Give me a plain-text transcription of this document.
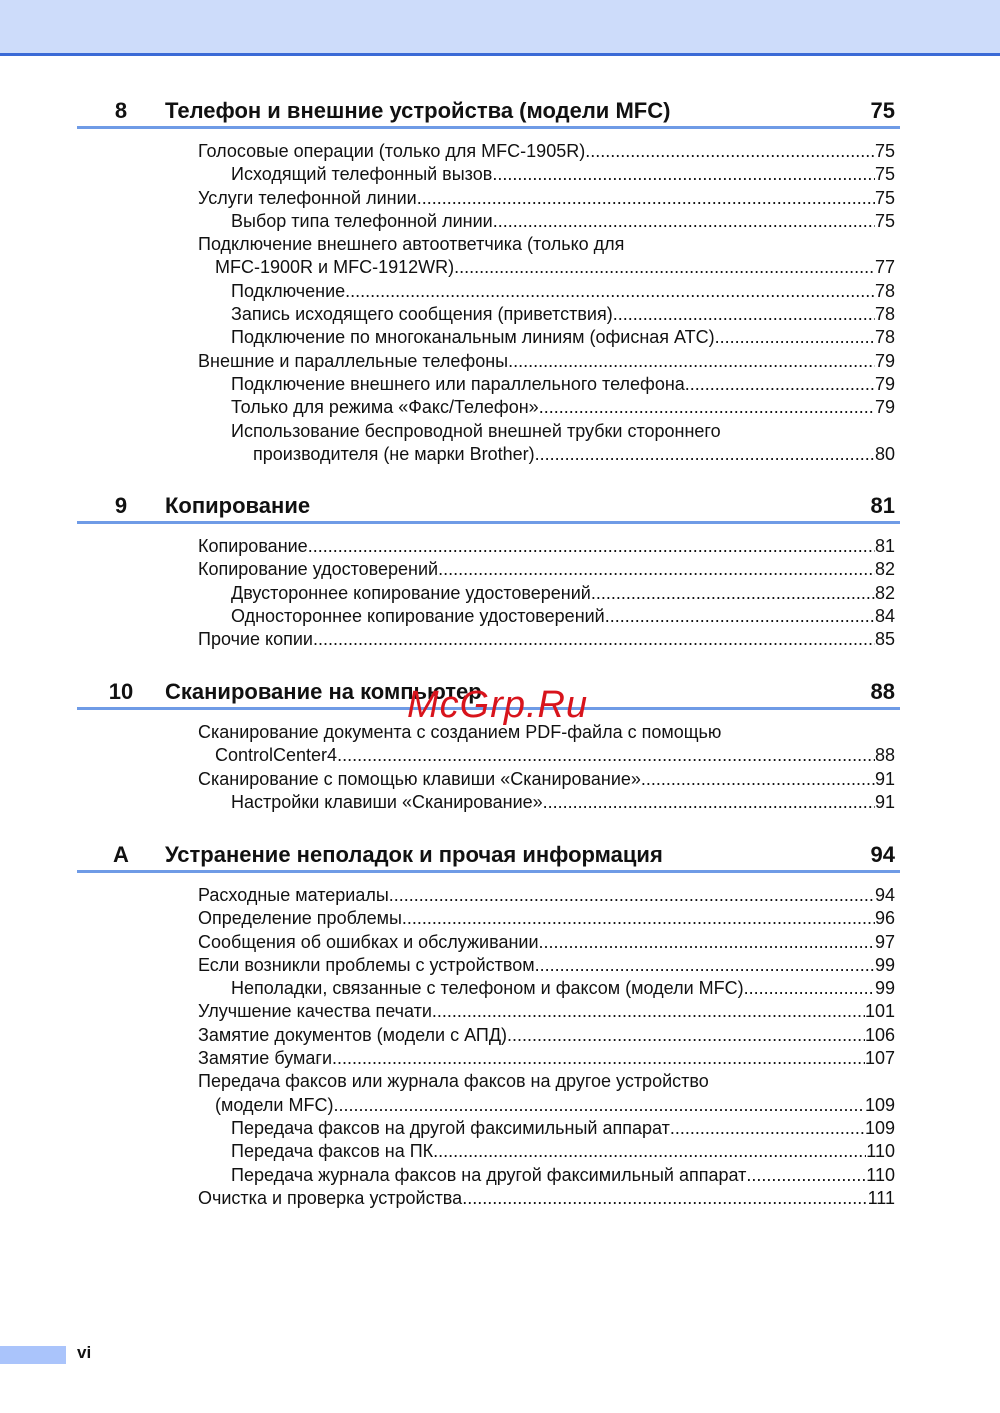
8	Телефон и внешние устройства (модели MFC)	75
Голосовые операции (только для MFC-1905R) .....	75
Исходящий телефонный вызов .....	75
Услуги телефонной линии .....	75
Выбор типа телефонной линии .....	75
Подключение внешнего автоответчика (только для
MFC-1900R и MFC-1912WR) .....	77
Подключение .....	78
Запись исходящего сообщения (приветствия) .....	78
Подключение по многоканальным линиям (офисная АТС) .....	78
Внешние и параллельные телефоны .....	79
Подключение внешнего или параллельного телефона .....	79
Только для режима «Факс/Телефон» .....	79
Использование беспроводной внешней трубки стороннего
производителя (не марки Brother) .....	80
9	Копирование	81
Копирование .....	81
Копирование удостоверений .....	82
Двустороннее копирование удостоверений .....	82
Одностороннее копирование удостоверений .....	84
Прочие копии .....	85
10	Сканирование на компьютер	88
Сканирование документа с созданием PDF-файла с помощью
ControlCenter4 .....	88
Сканирование с помощью клавиши «Сканирование» .....	91
Настройки клавиши «Сканирование» .....	91
A	Устранение неполадок и прочая информация	94
Расходные материалы .....	94
Определение проблемы .....	96
Сообщения об ошибках и обслуживании .....	97
Если возникли проблемы с устройством .....	99
Неполадки, связанные с телефоном и факсом (модели MFC) .....	99
Улучшение качества печати .....	101
Замятие документов (модели с АПД) .....	106
Замятие бумаги .....	107
Передача факсов или журнала факсов на другое устройство
(модели MFC) .....	109
Передача факсов на другой факсимильный аппарат .....	109
Передача факсов на ПК .....	110
Передача журнала факсов на другой факсимильный аппарат .....	110
Очистка и проверка устройства .....	111
McGrp.Ru
vi
